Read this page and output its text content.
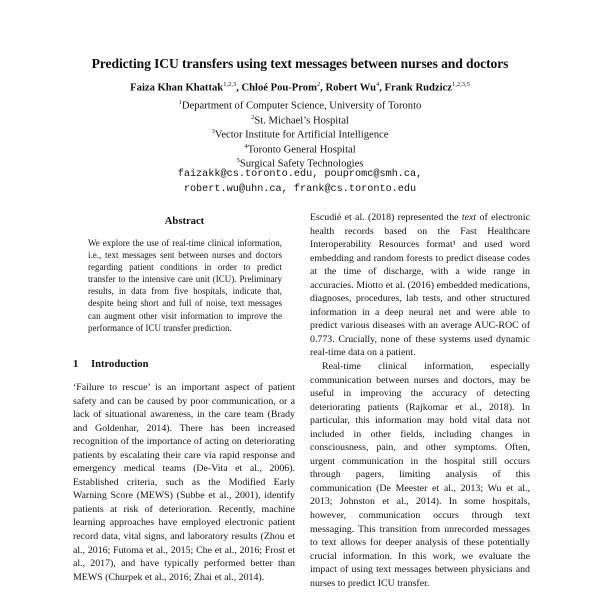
Predicting ICU transfers using text messages between nurses and doctors
Faiza Khan Khattak$^{1,2,3}$, Chloé Pou-Prom$^2$, Robert Wu$^4$, Frank Rudzicz$^{1,2,3,5}$
$^1$Department of Computer Science, University of Toronto
$^2$St. Michael’s Hospital
$^3$Vector Institute for Artificial Intelligence
$^4$Toronto General Hospital
$^5$Surgical Safety Technologies
faizakk@cs.toronto.edu, poupromc@smh.ca,
robert.wu@uhn.ca, frank@cs.toronto.edu
Abstract
We explore the use of real-time clinical information, i.e., text messages sent between nurses and doctors regarding patient conditions in order to predict transfer to the intensive care unit (ICU). Preliminary results, in data from five hospitals, indicate that, despite being short and full of noise, text messages can augment other visit information to improve the performance of ICU transfer prediction.
1 Introduction

‘Failure to rescue’ is an important aspect of patient safety and can be caused by poor communication, or a lack of situational awareness, in the care team (Brady and Goldenhar, 2014). There has been increased recognition of the importance of acting on deteriorating patients by escalating their care via rapid response and emergency medical teams (De-Vita et al., 2006). Established criteria, such as the Modified Early Warning Score (MEWS) (Subbe et al., 2001), identify patients at risk of deterioration. Recently, machine learning approaches have employed electronic patient record data, vital signs, and laboratory results (Zhou et al., 2016; Futoma et al., 2015; Che et al., 2016; Frost et al., 2017), and have typically performed better than MEWS (Churpek et al., 2016; Zhai et al., 2014).

Escudié et al. (2018) represented the text of electronic health records based on the Fast Healthcare Interoperability Resources format¹ and used word embedding and random forests to predict disease codes at the time of discharge, with a wide range in accuracies. Miotto et al. (2016) embedded medications, diagnoses, procedures, lab tests, and other structured information in a deep neural net and were able to predict various diseases with an average AUC-ROC of 0.773. Crucially, none of these systems used dynamic real-time data on a patient.

Real-time clinical information, especially communication between nurses and doctors, may be useful in improving the accuracy of detecting deteriorating patients (Rajkomar et al., 2018). In particular, this information may hold vital data not included in other fields, including changes in consciousness, pain, and other symptoms. Often, urgent communication in the hospital still occurs through pagers, limiting analysis of this communication (De Meester et al., 2013; Wu et al., 2013; Johnston et al., 2014). In some hospitals, however, communication occurs through text messaging. This transition from unrecorded messages to text allows for deeper analysis of these potentially crucial information. In this work, we evaluate the impact of using text messages between physicians and nurses to predict ICU transfer.
